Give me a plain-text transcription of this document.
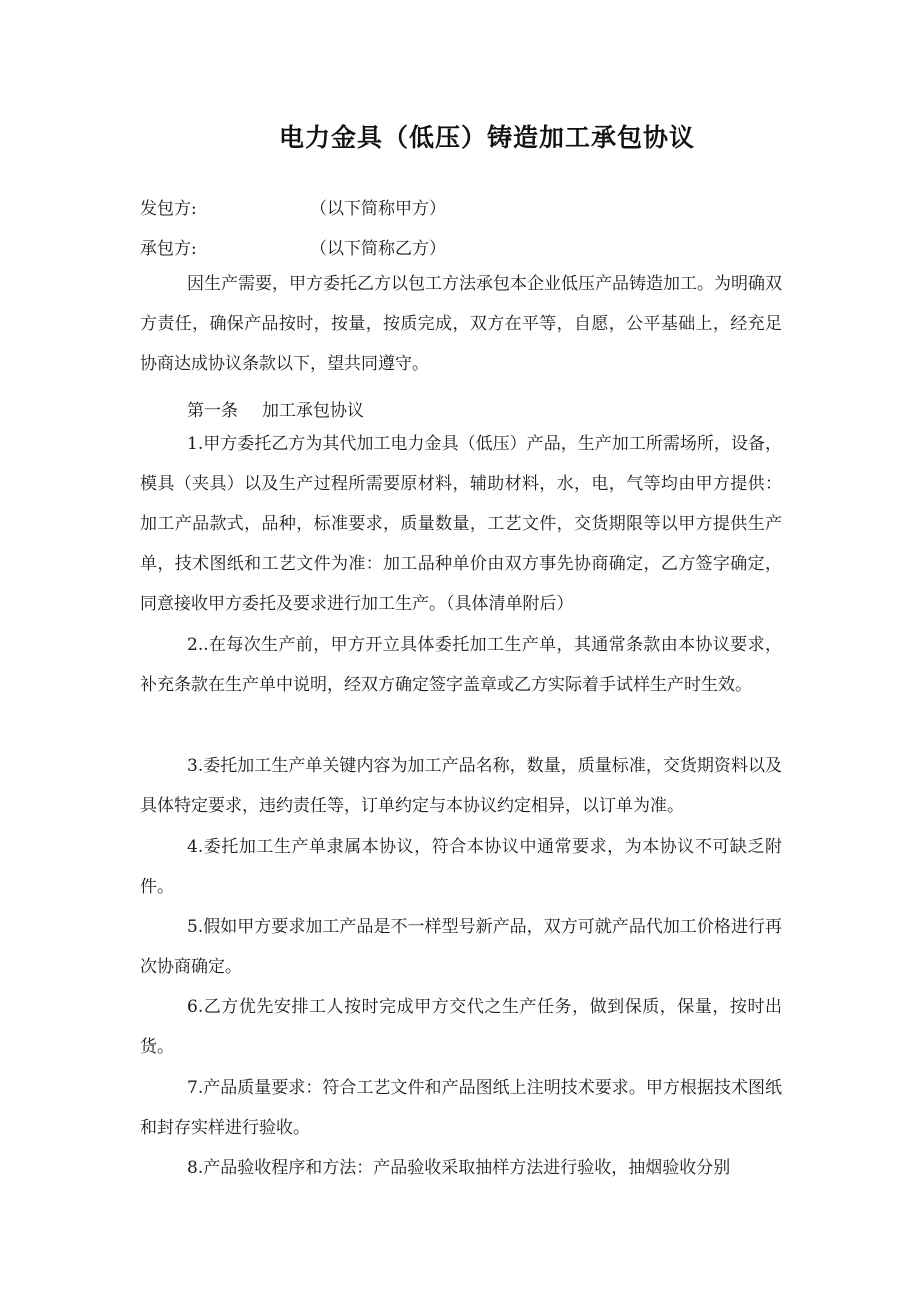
电力金具（低压）铸造加工承包协议
发包方:	（以下简称甲方）
承包方:	（以下简称乙方）

因生产需要，甲方委托乙方以包工方法承包本企业低压产品铸造加工。为明确双方责任，确保产品按时，按量，按质完成，双方在平等，自愿，公平基础上，经充足协商达成协议条款以下，望共同遵守。

第一条 加工承包协议

1.甲方委托乙方为其代加工电力金具（低压）产品，生产加工所需场所，设备，模具（夹具）以及生产过程所需要原材料，辅助材料，水，电，气等均由甲方提供：加工产品款式，品种，标准要求，质量数量，工艺文件，交货期限等以甲方提供生产单，技术图纸和工艺文件为准：加工品种单价由双方事先协商确定，乙方签字确定，同意接收甲方委托及要求进行加工生产。（具体清单附后）

2..在每次生产前，甲方开立具体委托加工生产单，其通常条款由本协议要求，补充条款在生产单中说明，经双方确定签字盖章或乙方实际着手试样生产时生效。

3.委托加工生产单关键内容为加工产品名称，数量，质量标准，交货期资料以及具体特定要求，违约责任等，订单约定与本协议约定相异，以订单为准。

4.委托加工生产单隶属本协议，符合本协议中通常要求，为本协议不可缺乏附件。

5.假如甲方要求加工产品是不一样型号新产品，双方可就产品代加工价格进行再次协商确定。

6.乙方优先安排工人按时完成甲方交代之生产任务，做到保质，保量，按时出货。

7.产品质量要求：符合工艺文件和产品图纸上注明技术要求。甲方根据技术图纸和封存实样进行验收。

8.产品验收程序和方法：产品验收采取抽样方法进行验收，抽烟验收分别
